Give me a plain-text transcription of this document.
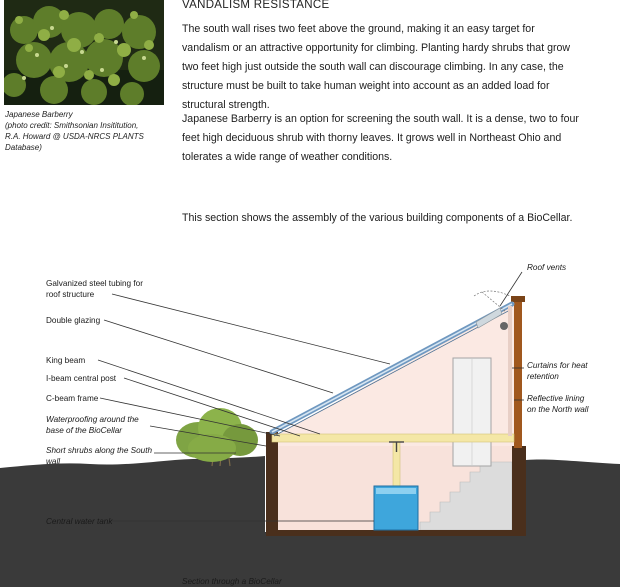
Japanese Barberry
(photo credit: Smithsonian Insititution,
R.A. Howard @ USDA-NRCS PLANTS
Database)
VANDALISM RESISTANCE
The south wall rises two feet above the ground, making it an easy target for
vandalism or an attractive opportunity for climbing. Planting hardy shrubs that grow
two feet high just outside the south wall can discourage climbing. In any case, the
structure must be built to take human weight into account as an added load for
structural strength.
Japanese Barberry is an option for screening the south wall. It is a dense, two to four
feet high deciduous shrub with thorny leaves. It grows well in Northeast Ohio and
tolerates a wide range of weather conditions.
This section shows the assembly of the various building components of a BioCellar.
Galvanized steel tubing for
roof structure
Double glazing
King beam
I-beam central post
C-beam frame
Waterproofing around the
base of the BioCellar
Short shrubs along the South
wall
Central water tank
Roof vents
Curtains for heat
retention
Reflective lining
on the North wall
Section through a BioCellar
